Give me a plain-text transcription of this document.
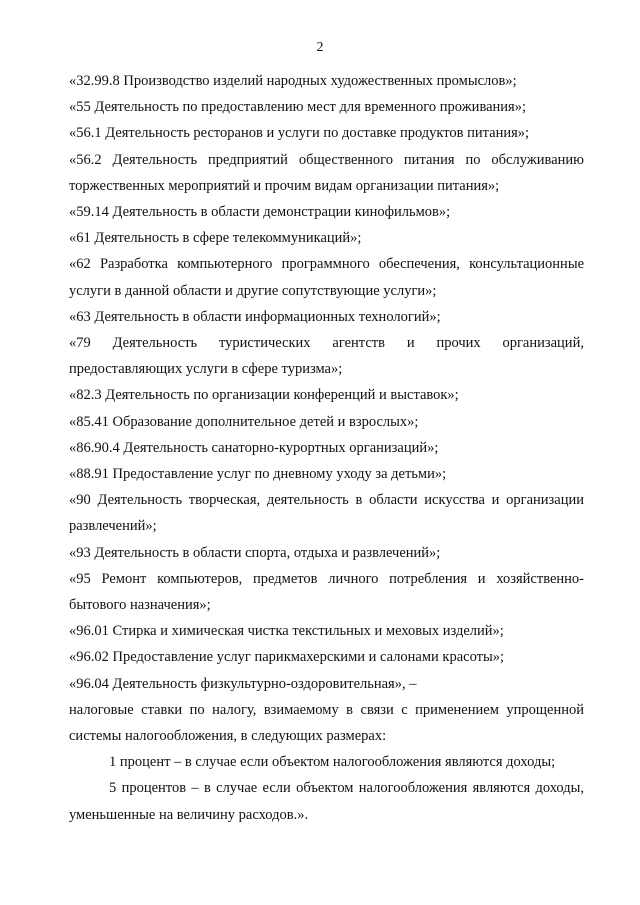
2

«32.99.8 Производство изделий народных художественных промыслов»;

«55 Деятельность по предоставлению мест для временного проживания»;

«56.1 Деятельность ресторанов и услуги по доставке продуктов питания»;

«56.2 Деятельность предприятий общественного питания по обслуживанию торжественных мероприятий и прочим видам организации питания»;

«59.14 Деятельность в области демонстрации кинофильмов»;

«61 Деятельность в сфере телекоммуникаций»;

«62 Разработка компьютерного программного обеспечения, консультационные услуги в данной области и другие сопутствующие услуги»;

«63 Деятельность в области информационных технологий»;

«79 Деятельность туристических агентств и прочих организаций,
предоставляющих услуги в сфере туризма»;

«82.3 Деятельность по организации конференций и выставок»;

«85.41 Образование дополнительное детей и взрослых»;

«86.90.4 Деятельность санаторно-курортных организаций»;

«88.91 Предоставление услуг по дневному уходу за детьми»;

«90 Деятельность творческая, деятельность в области искусства и организации развлечений»;

«93 Деятельность в области спорта, отдыха и развлечений»;

«95 Ремонт компьютеров, предметов личного потребления и хозяйственно-бытового назначения»;

«96.01 Стирка и химическая чистка текстильных и меховых изделий»;

«96.02 Предоставление услуг парикмахерскими и салонами красоты»;

«96.04 Деятельность физкультурно-оздоровительная», –

налоговые ставки по налогу, взимаемому в связи с применением упрощенной системы налогообложения, в следующих размерах:

1 процент – в случае если объектом налогообложения являются доходы;

5 процентов – в случае если объектом налогообложения являются доходы, уменьшенные на величину расходов.».
